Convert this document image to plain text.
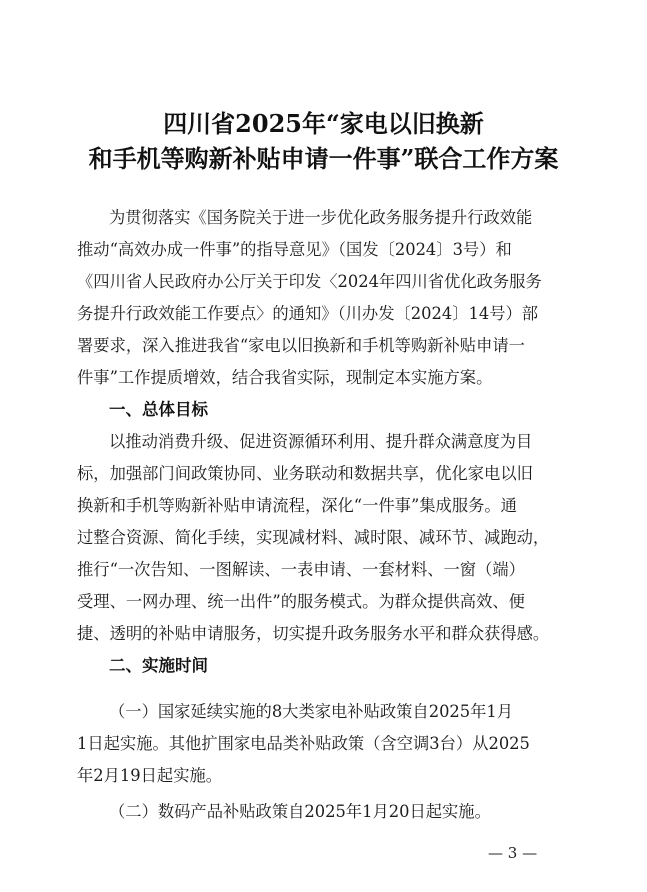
四川省2025年“家电以旧换新
和手机等购新补贴申请一件事”联合工作方案
为贯彻落实《国务院关于进一步优化政务服务提升行政效能
推动“高效办成一件事”的指导意见》（国发〔2024〕3号）和
《四川省人民政府办公厅关于印发〈2024年四川省优化政务服务
务提升行政效能工作要点〉的通知》（川办发〔2024〕14号）部
署要求，深入推进我省“家电以旧换新和手机等购新补贴申请一
件事”工作提质增效，结合我省实际，现制定本实施方案。
一、总体目标
以推动消费升级、促进资源循环利用、提升群众满意度为目
标，加强部门间政策协同、业务联动和数据共享，优化家电以旧
换新和手机等购新补贴申请流程，深化“一件事”集成服务。通
过整合资源、简化手续，实现减材料、减时限、减环节、减跑动，
推行“一次告知、一图解读、一表申请、一套材料、一窗（端）
受理、一网办理、统一出件”的服务模式。为群众提供高效、便
捷、透明的补贴申请服务，切实提升政务服务水平和群众获得感。
二、实施时间
（一）国家延续实施的8大类家电补贴政策自2025年1月
1日起实施。其他扩围家电品类补贴政策（含空调3台）从2025
年2月19日起实施。
（二）数码产品补贴政策自2025年1月20日起实施。
— 3 —
